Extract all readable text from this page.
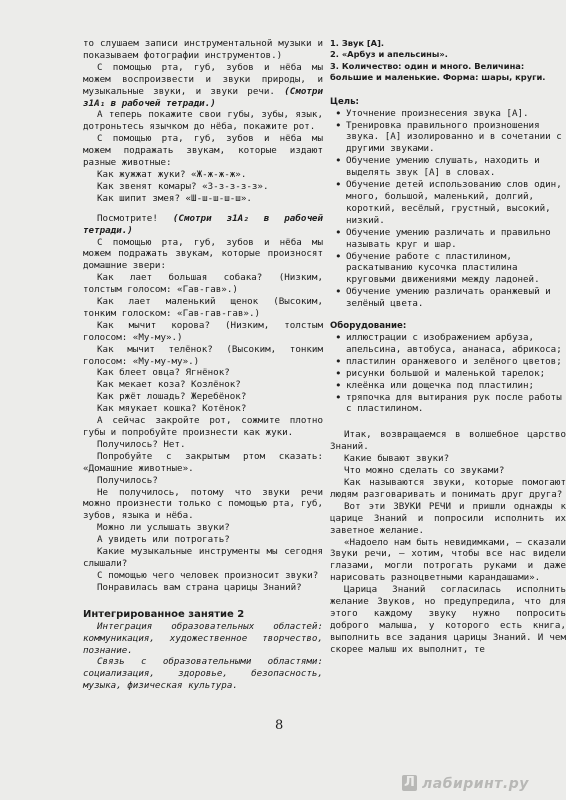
то слушаем записи инструментальной музыки и показываем фотографии инструментов.)

С помощью рта, губ, зубов и нёба мы можем воспроизвести и звуки природы, и музыкальные звуки, и звуки речи. (Смотри з1А₁ в рабочей тетради.)

А теперь покажите свои губы, зубы, язык, дотроньтесь язычком до нёба, покажите рот.

С помощью рта, губ, зубов и нёба мы можем подражать звукам, которые издают разные животные:

Как жужжат жуки? «Ж-ж-ж-ж».

Как звенят комары? «З-з-з-з-з».

Как шипит змея? «Ш-ш-ш-ш-ш».

Посмотрите! (Смотри з1А₂ в рабочей тетради.)

С помощью рта, губ, зубов и нёба мы можем подражать звукам, которые произносят домашние звери:

Как лает большая собака? (Низким, толстым голосом: «Гав-гав».)

Как лает маленький щенок (Высоким, тонким голоском: «Гав-гав-гав».)

Как мычит корова? (Низким, толстым голосом: «Му-му».)

Как мычит телёнок? (Высоким, тонким голосом: «Му-му-му».)

Как блеет овца? Ягнёнок?

Как мекает коза? Козлёнок?

Как ржёт лошадь? Жеребёнок?

Как мяукает кошка? Котёнок?

А сейчас закройте рот, сожмите плотно губы и попробуйте произнести как жуки.

Получилось? Нет.

Попробуйте с закрытым ртом сказать: «Домашние животные».

Получилось?

Не получилось, потому что звуки речи можно произнести только с помощью рта, губ, зубов, языка и нёба.

Можно ли услышать звуки?

А увидеть или потрогать?

Какие музыкальные инструменты мы сегодня слышали?

С помощью чего человек произносит звуки?

Понравилась вам страна царицы Знаний?

Интегрированное занятие 2

Интеграция образовательных областей: коммуникация, художественное творчество, познание.

Связь с образовательными областями: социализация, здоровье, безопасность, музыка, физическая культура.

1. Звук [А].

2. «Арбуз и апельсины».

3. Количество: один и много. Величина: большие и маленькие. Форма: шары, круги.

Цель:

• Уточнение произнесения звука [А].
• Тренировка правильного произношения звука. [А] изолированно и в сочетании с другими звуками.
• Обучение умению слушать, находить и выделять звук [А] в словах.
• Обучение детей использованию слов один, много, большой, маленький, долгий, короткий, весёлый, грустный, высокий, низкий.
• Обучение умению различать и правильно называть круг и шар.
• Обучение работе с пластилином, раскатыванию кусочка пластилина круговыми движениями между ладоней.
• Обучение умению различать оранжевый и зелёный цвета.

Оборудование:

• иллюстрации с изображением арбуза, апельсина, автобуса, ананаса, абрикоса;
• пластилин оранжевого и зелёного цветов;
• рисунки большой и маленькой тарелок;
• клеёнка или дощечка под пластилин;
• тряпочка для вытирания рук после работы с пластилином.

Итак, возвращаемся в волшебное царство Знаний.

Какие бывают звуки?

Что можно сделать со звуками?

Как называются звуки, которые помогают людям разговаривать и понимать друг друга?

Вот эти ЗВУКИ РЕЧИ и пришли однажды к царице Знаний и попросили исполнить их заветное желание.

«Надоело нам быть невидимками, — сказали Звуки речи, — хотим, чтобы все нас видели глазами, могли потрогать руками и даже нарисовать разноцветными карандашами».

Царица Знаний согласилась исполнить желание Звуков, но предупредила, что для этого каждому звуку нужно попросить доброго малыша, у которого есть книга, выполнить все задания царицы Знаний. И чем скорее малыш их выполнит, те

8
Л лабиринт.ру
